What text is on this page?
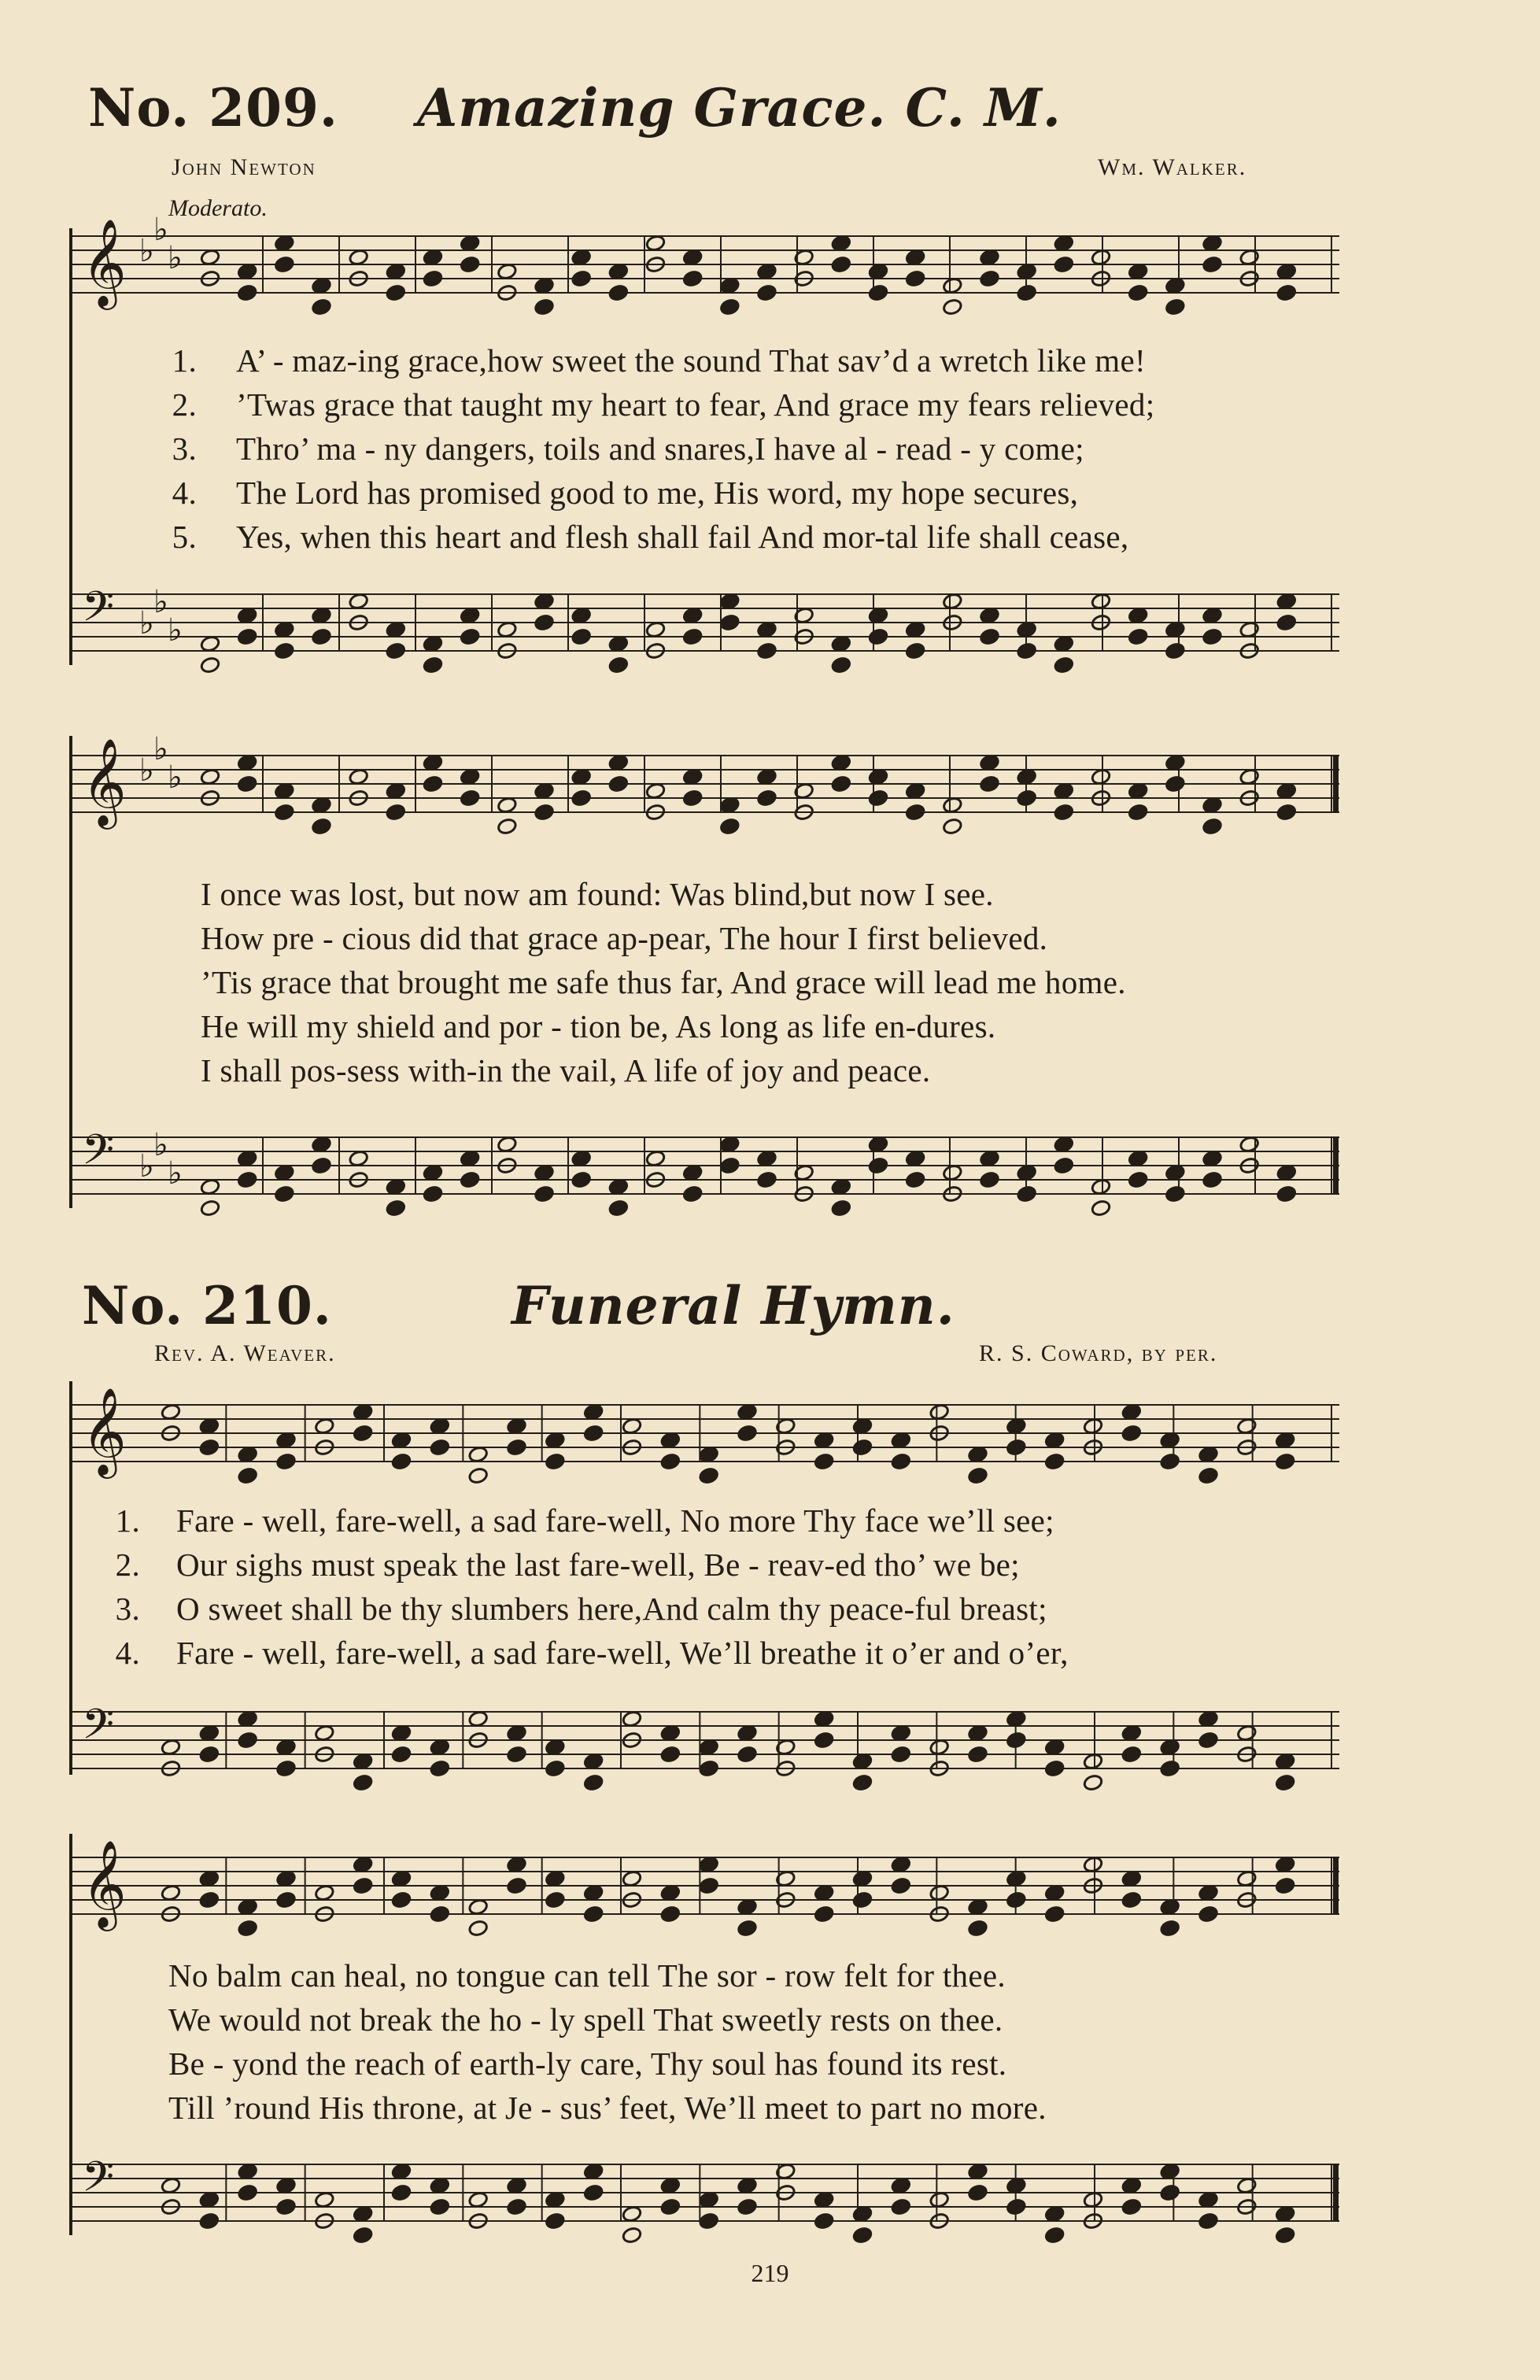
No. 209. Amazing Grace. C. M.
John Newton	Wm. Walker.
Moderato.
𝄞 ♭
♭
♭
1. A’ - maz-ing grace,how sweet the sound That sav’d a wretch like me!
2. ’Twas grace that taught my heart to fear, And grace my fears relieved;
3. Thro’ ma - ny dangers, toils and snares,I have al - read - y come;
4. The Lord has promised good to me, His word, my hope secures,
5. Yes, when this heart and flesh shall fail And mor-tal life shall cease,
𝄢 ♭
♭
♭
𝄞 ♭
♭
♭
I once was lost, but now am found: Was blind,but now I see.
How pre - cious did that grace ap-pear, The hour I first believed.
’Tis grace that brought me safe thus far, And grace will lead me home.
He will my shield and por - tion be, As long as life en-dures.
I shall pos-sess with-in the vail, A life of joy and peace.
𝄢 ♭
♭
♭
No. 210.	Funeral Hymn.
Rev. A. Weaver.	R. S. Coward, by per.
𝄞
1. Fare - well, fare-well, a sad fare-well, No more Thy face we’ll see;
2. Our sighs must speak the last fare-well, Be - reav-ed tho’ we be;
3. O sweet shall be thy slumbers here,And calm thy peace-ful breast;
4. Fare - well, fare-well, a sad fare-well, We’ll breathe it o’er and o’er,
𝄢
𝄞
No balm can heal, no tongue can tell The sor - row felt for thee.
We would not break the ho - ly spell That sweetly rests on thee.
Be - yond the reach of earth-ly care, Thy soul has found its rest.
Till ’round His throne, at Je - sus’ feet, We’ll meet to part no more.
𝄢
219
